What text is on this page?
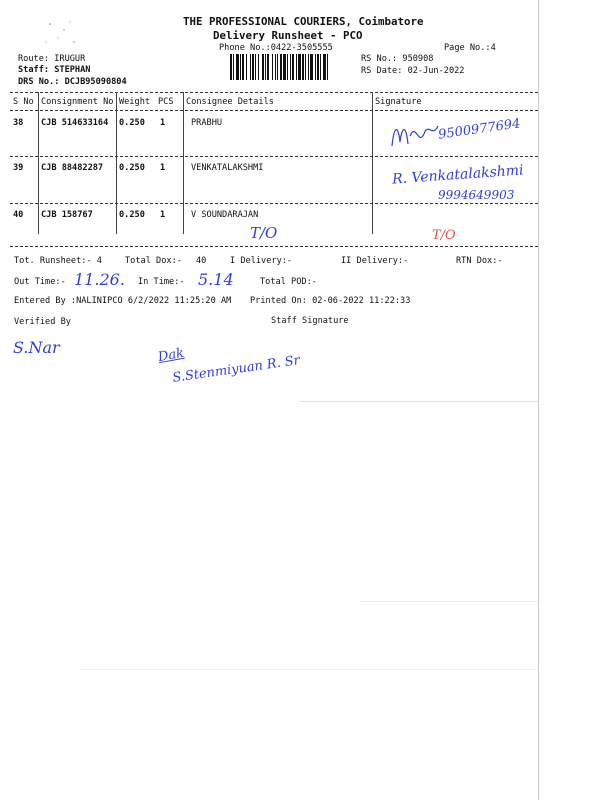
THE PROFESSIONAL COURIERS, Coimbatore
Delivery Runsheet - PCO
Phone No.:0422-3505555	Page No.:4
Route: IRUGUR
Staff: STEPHAN
DRS No.: DCJB95090804
RS No.: 950908
RS Date: 02-Jun-2022
S No Consignment No Weight PCS Consignee Details	Signature
38 CJB 514633164 0.250 1	PRABHU	9500977694
39 CJB 88482287 0.250 1	VENKATALAKSHMI	R. Venkatalakshmi
9994649903
40 CJB 158767	0.250 1	V SOUNDARAJAN
T/O	T/O
Tot. Runsheet:- 4	Total Dox:- 40	I Delivery:-	II Delivery:-	RTN Dox:-
Out Time:- 11.26. In Time:- 5.14	Total POD:-
Entered By :NALINIPCO 6/2/2022 11:25:20 AM Printed On: 02-06-2022 11:22:33
Verified By	Staff Signature
S.Nar	Dak
S.Stenmiyuan R. Sr
